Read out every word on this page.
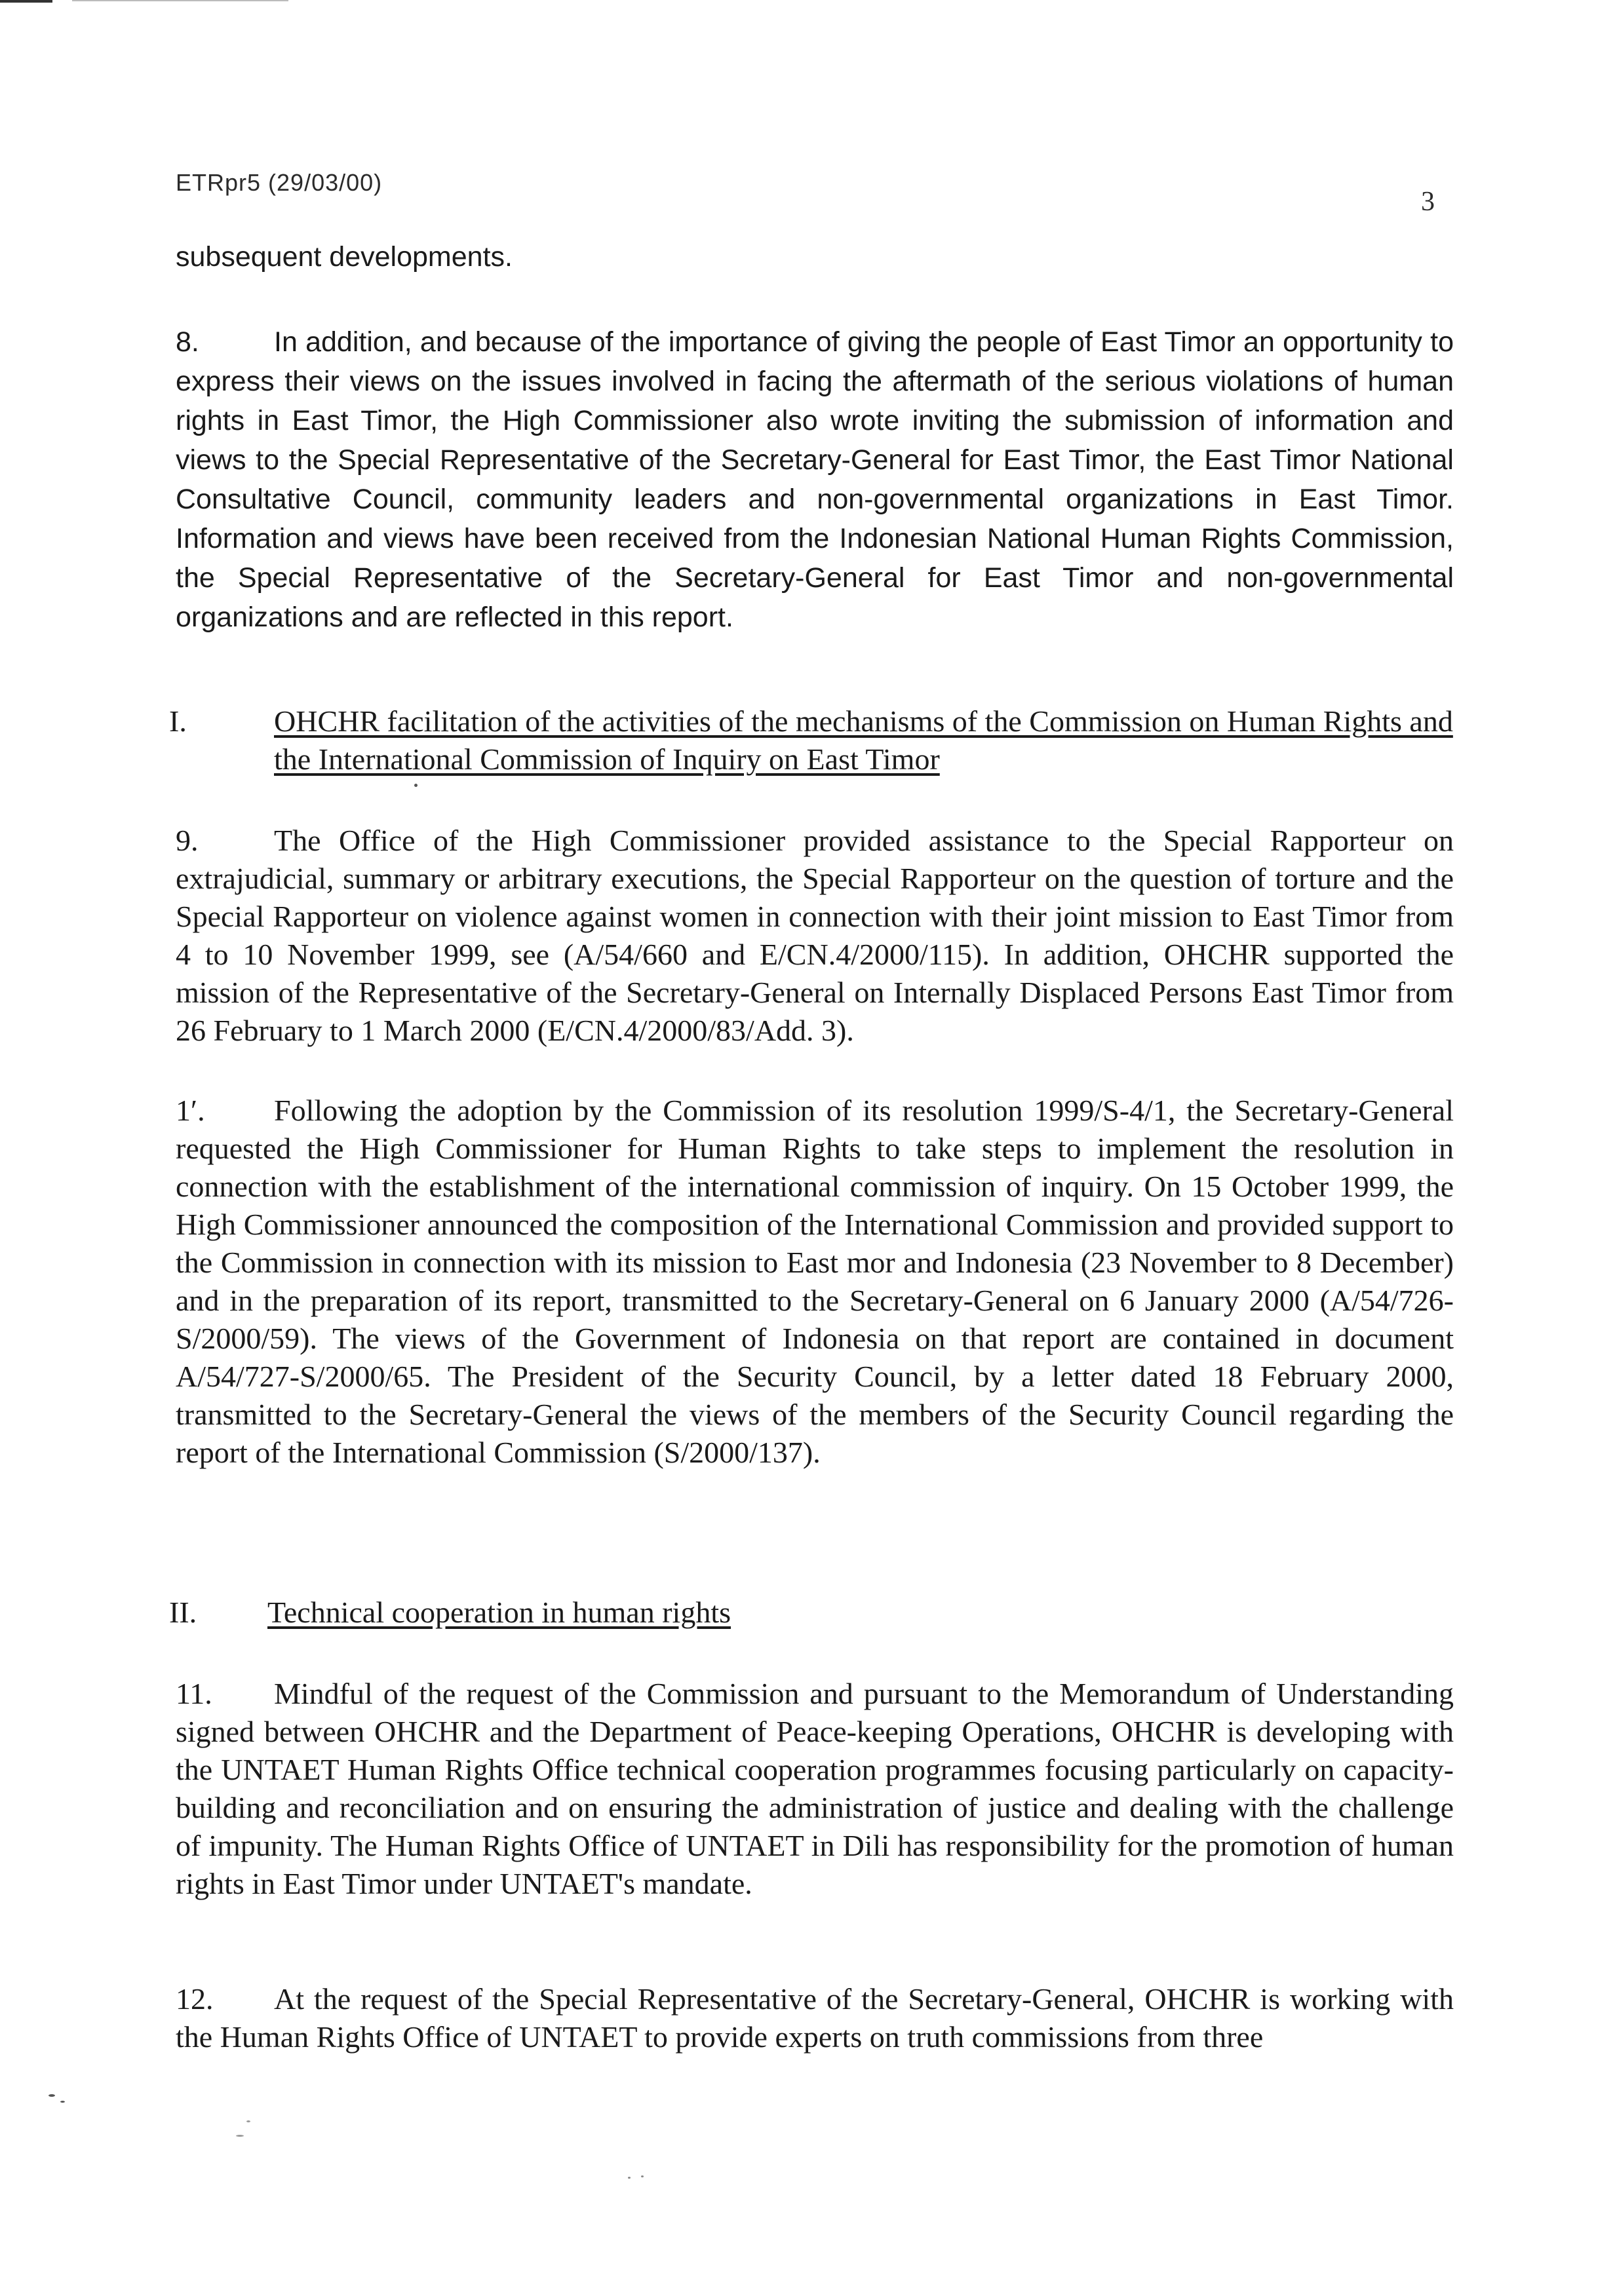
ETRpr5 (29/03/00)
3
subsequent developments.
8.	In addition, and because of the importance of giving the people of East Timor an opportunity to express their views on the issues involved in facing the aftermath of the serious violations of human rights in East Timor, the High Commissioner also wrote inviting the submission of information and views to the Special Representative of the Secretary-General for East Timor, the East Timor National Consultative Council, community leaders and non-governmental organizations in East Timor. Information and views have been received from the Indonesian National Human Rights Commission, the Special Representative of the Secretary-General for East Timor and non-governmental organizations and are reflected in this report.
I.	OHCHR facilitation of the activities of the mechanisms of the Commission on Human Rights and the International Commission of Inquiry on East Timor
9.	The Office of the High Commissioner provided assistance to the Special Rapporteur on extrajudicial, summary or arbitrary executions, the Special Rapporteur on the question of torture and the Special Rapporteur on violence against women in connection with their joint mission to East Timor from 4 to 10 November 1999, see (A/54/660 and E/CN.4/2000/115). In addition, OHCHR supported the mission of the Representative of the Secretary-General on Internally Displaced Persons East Timor from 26 February to 1 March 2000 (E/CN.4/2000/83/Add. 3).
1′. Following the adoption by the Commission of its resolution 1999/S-4/1, the Secretary-General requested the High Commissioner for Human Rights to take steps to implement the resolution in connection with the establishment of the international commission of inquiry. On 15 October 1999, the High Commissioner announced the composition of the International Commission and provided support to the Commission in connection with its mission to East mor and Indonesia (23 November to 8 December) and in the preparation of its report, transmitted to the Secretary-General on 6 January 2000 (A/54/726-S/2000/59). The views of the Government of Indonesia on that report are contained in document A/54/727-S/2000/65. The President of the Security Council, by a letter dated 18 February 2000, transmitted to the Secretary-General the views of the members of the Security Council regarding the report of the International Commission (S/2000/137).
II. Technical cooperation in human rights
11. Mindful of the request of the Commission and pursuant to the Memorandum of Understanding signed between OHCHR and the Department of Peace-keeping Operations, OHCHR is developing with the UNTAET Human Rights Office technical cooperation programmes focusing particularly on capacity-building and reconciliation and on ensuring the administration of justice and dealing with the challenge of impunity. The Human Rights Office of UNTAET in Dili has responsibility for the promotion of human rights in East Timor under UNTAET's mandate.
12. At the request of the Special Representative of the Secretary-General, OHCHR is working with the Human Rights Office of UNTAET to provide experts on truth commissions from three
